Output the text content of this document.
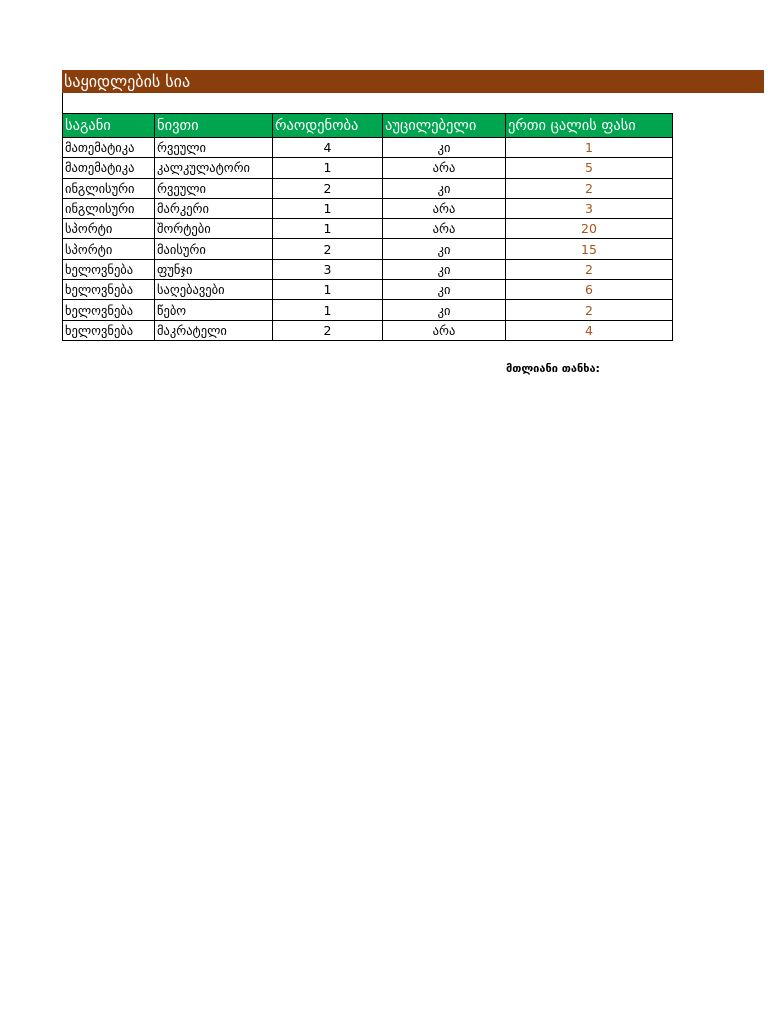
საყიდლების სია
საგანი	ნივთი	რაოდენობა	აუცილებელი	ერთი ცალის ფასი
მათემატიკა	რვეული	4	კი	1
მათემატიკა	კალკულატორი	1	არა	5
ინგლისური	რვეული	2	კი	2
ინგლისური	მარკერი	1	არა	3
სპორტი	შორტები	1	არა	20
სპორტი	მაისური	2	კი	15
ხელოვნება	ფუნჯი	3	კი	2
ხელოვნება	საღებავები	1	კი	6
ხელოვნება	წებო	1	კი	2
ხელოვნება	მაკრატელი	2	არა	4
მთლიანი თანხა:
